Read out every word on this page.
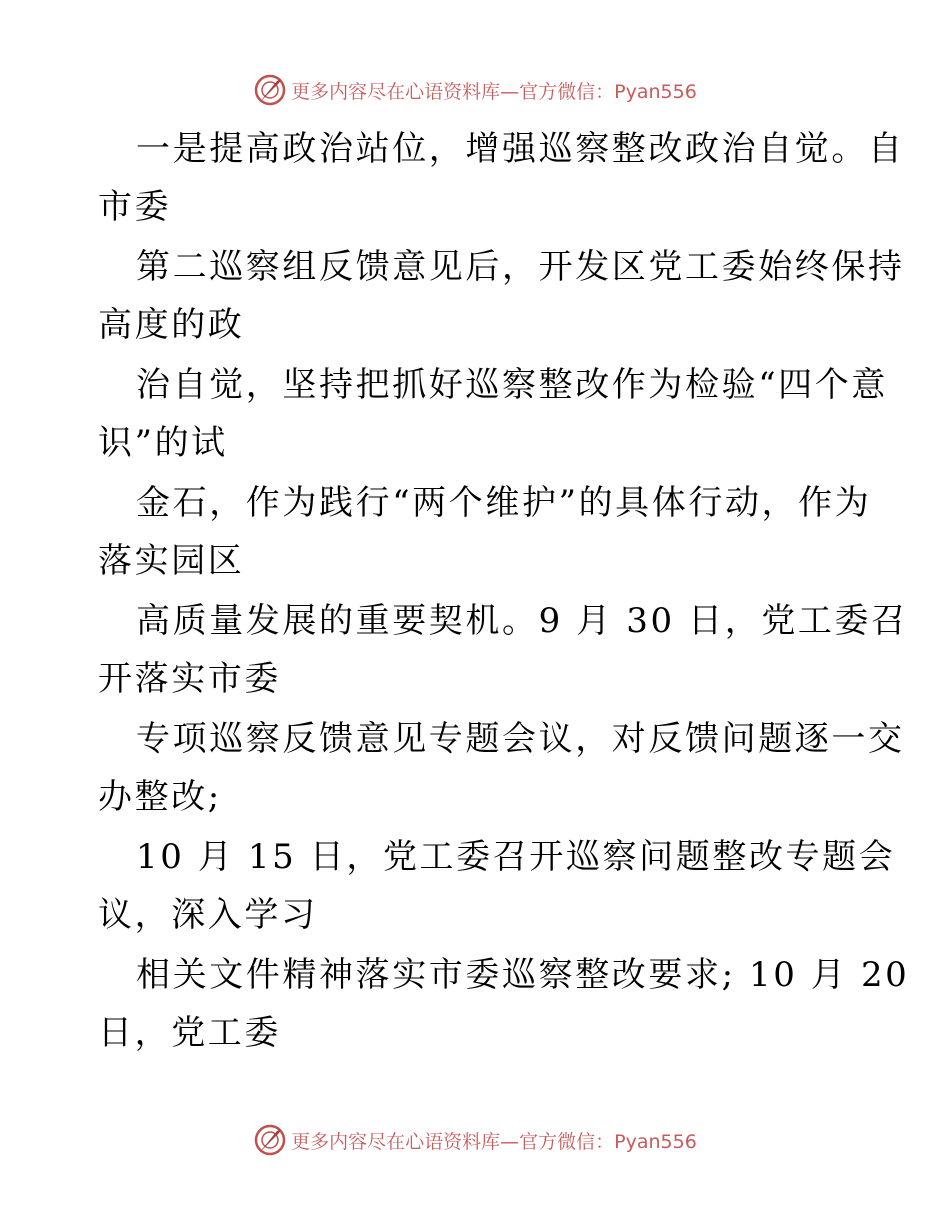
更多内容尽在心语资料库—官方微信：Pyan556
一是提高政治站位，增强巡察整改政治自觉。自
市委
第二巡察组反馈意见后，开发区党工委始终保持
高度的政
治自觉，坚持把抓好巡察整改作为检验“四个意
识”的试
金石，作为践行“两个维护”的具体行动，作为
落实园区
高质量发展的重要契机。9 月 30 日，党工委召
开落实市委
专项巡察反馈意见专题会议，对反馈问题逐一交
办整改;
10 月 15 日，党工委召开巡察问题整改专题会
议，深入学习
相关文件精神落实市委巡察整改要求; 10 月 20
日，党工委
更多内容尽在心语资料库—官方微信：Pyan556
